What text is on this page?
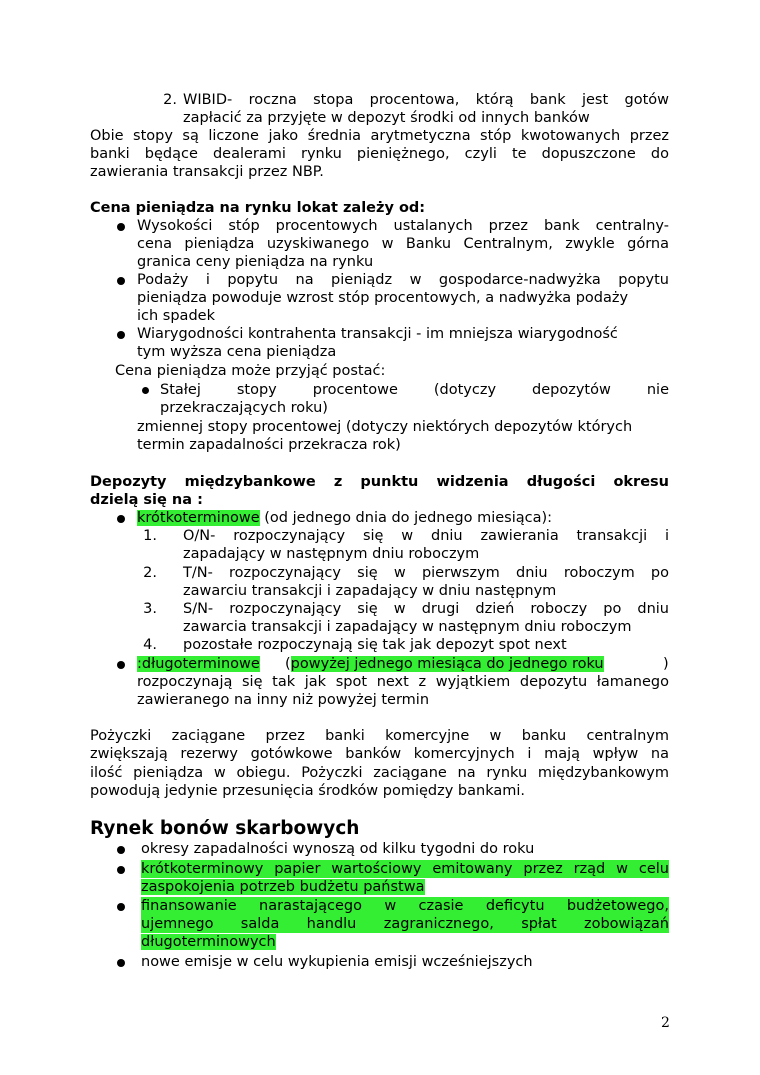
2. WIBID- roczna stopa procentowa, którą bank jest gotów
zapłacić za przyjęte w depozyt środki od innych banków
Obie stopy są liczone jako średnia arytmetyczna stóp kwotowanych przez
banki będące dealerami rynku pieniężnego, czyli te dopuszczone do
zawierania transakcji przez NBP.
Cena pieniądza na rynku lokat zależy od:
Wysokości stóp procentowych ustalanych przez bank centralny-
cena pieniądza uzyskiwanego w Banku Centralnym, zwykle górna
granica ceny pieniądza na rynku
Podaży i popytu na pieniądz w gospodarce-nadwyżka popytu
pieniądza powoduje wzrost stóp procentowych, a nadwyżka podaży
ich spadek
Wiarygodności kontrahenta transakcji - im mniejsza wiarygodność
tym wyższa cena pieniądza
Cena pieniądza może przyjąć postać:
Stałej stopy procentowe (dotyczy depozytów nie
przekraczających roku)
zmiennej stopy procentowej (dotyczy niektórych depozytów których
termin zapadalności przekracza rok)
Depozyty międzybankowe z punktu widzenia długości okresu
dzielą się na :
krótkoterminowe (od jednego dnia do jednego miesiąca):
1. O/N- rozpoczynający się w dniu zawierania transakcji i
zapadający w następnym dniu roboczym
2. T/N- rozpoczynający się w pierwszym dniu roboczym po
zawarciu transakcji i zapadający w dniu następnym
3. S/N- rozpoczynający się w drugi dzień roboczy po dniu
zawarcia transakcji i zapadający w następnym dniu roboczym
4. pozostałe rozpoczynają się tak jak depozyt spot next
:długoterminowe (powyżej jednego miesiąca do jednego roku	)
rozpoczynają się tak jak spot next z wyjątkiem depozytu łamanego
zawieranego na inny niż powyżej termin
Pożyczki zaciągane przez banki komercyjne w banku centralnym
zwiększają rezerwy gotówkowe banków komercyjnych i mają wpływ na
ilość pieniądza w obiegu. Pożyczki zaciągane na rynku międzybankowym
powodują jedynie przesunięcia środków pomiędzy bankami.
Rynek bonów skarbowych
okresy zapadalności wynoszą od kilku tygodni do roku
krótkoterminowy papier wartościowy emitowany przez rząd w celu
zaspokojenia potrzeb budżetu państwa
finansowanie narastającego w czasie deficytu budżetowego,
ujemnego salda handlu zagranicznego, spłat zobowiązań
długoterminowych
nowe emisje w celu wykupienia emisji wcześniejszych
2
